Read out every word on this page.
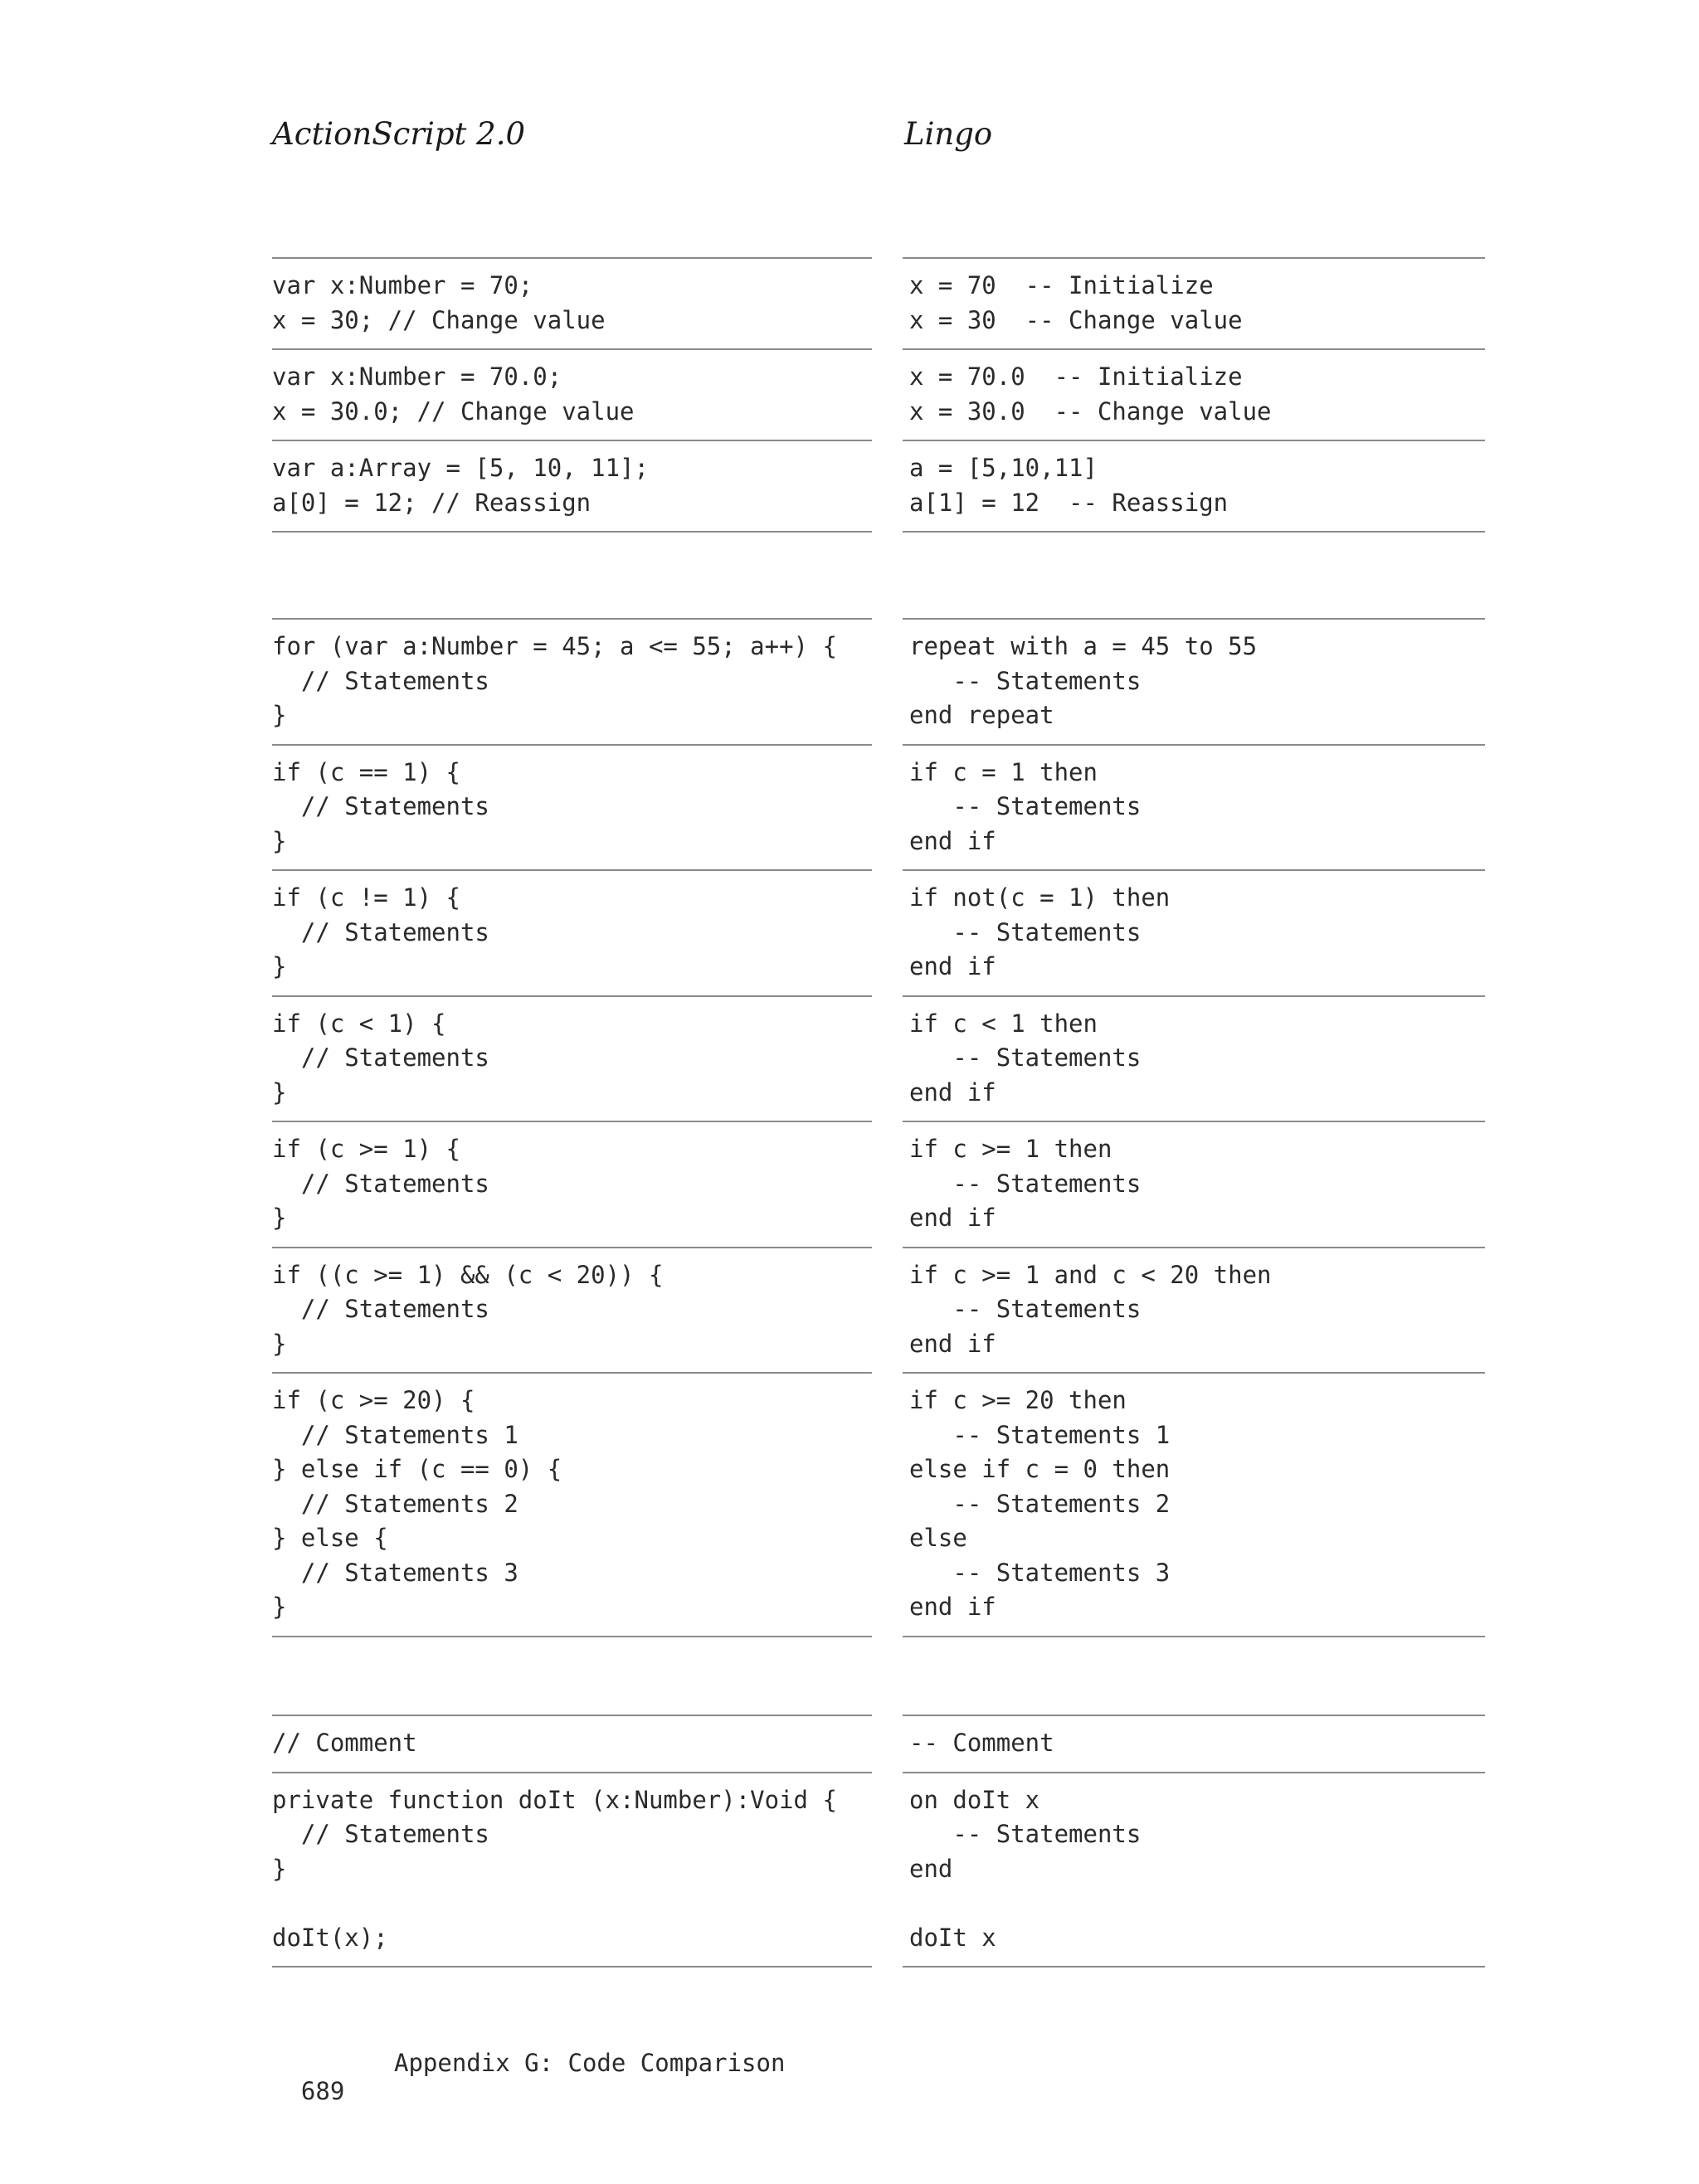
ActionScript 2.0	Lingo
var x:Number = 70;
x = 30; // Change value
var x:Number = 70.0;
x = 30.0; // Change value
var a:Array = [5, 10, 11];
a[0] = 12; // Reassign
for (var a:Number = 45; a <= 55; a++) {
// Statements
}
if (c == 1) {
// Statements
}
if (c != 1) {
// Statements
}
if (c < 1) {
// Statements
}
if (c >= 1) {
// Statements
}
if ((c >= 1) && (c < 20)) {
// Statements
}
if (c >= 20) {
// Statements 1
} else if (c == 0) {
// Statements 2
} else {
// Statements 3
}
// Comment
private function doIt (x:Number):Void {
// Statements
}

doIt(x);
x = 70  -- Initialize
x = 30  -- Change value
x = 70.0  -- Initialize
x = 30.0  -- Change value
a = [5,10,11]
a[1] = 12  -- Reassign
repeat with a = 45 to 55
-- Statements
end repeat
if c = 1 then
-- Statements
end if
if not(c = 1) then
-- Statements
end if
if c < 1 then
-- Statements
end if
if c >= 1 then
-- Statements
end if
if c >= 1 and c < 20 then
-- Statements
end if
if c >= 20 then
-- Statements 1
else if c = 0 then
-- Statements 2
else
-- Statements 3
end if
-- Comment
on doIt x
-- Statements
end

doIt x

689

Appendix G: Code Comparison
